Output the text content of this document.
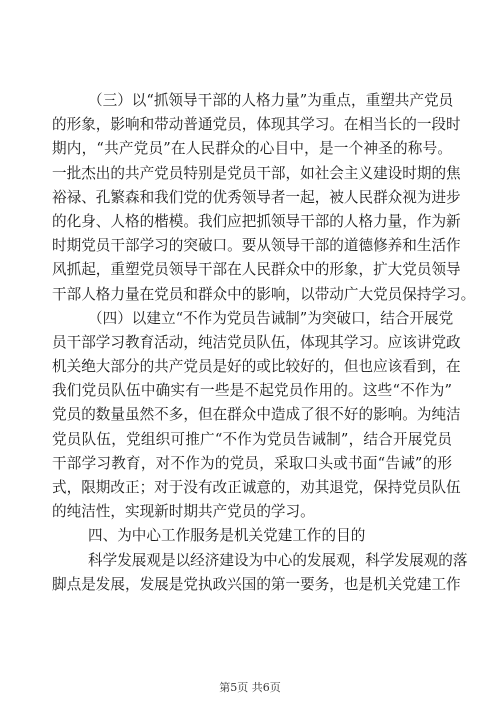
（三）以“抓领导干部的人格力量”为重点，重塑共产党员
的形象，影响和带动普通党员，体现其学习。在相当长的一段时
期内，“共产党员”在人民群众的心目中，是一个神圣的称号。
一批杰出的共产党员特别是党员干部，如社会主义建设时期的焦
裕禄、孔繁森和我们党的优秀领导者一起，被人民群众视为进步
的化身、人格的楷模。我们应把抓领导干部的人格力量，作为新
时期党员干部学习的突破口。要从领导干部的道德修养和生活作
风抓起，重塑党员领导干部在人民群众中的形象，扩大党员领导
干部人格力量在党员和群众中的影响，以带动广大党员保持学习。
（四）以建立“不作为党员告诫制”为突破口，结合开展党
员干部学习教育活动，纯洁党员队伍，体现其学习。应该讲党政
机关绝大部分的共产党员是好的或比较好的，但也应该看到，在
我们党员队伍中确实有一些是不起党员作用的。这些“不作为”
党员的数量虽然不多，但在群众中造成了很不好的影响。为纯洁
党员队伍，党组织可推广“不作为党员告诫制”，结合开展党员
干部学习教育，对不作为的党员，采取口头或书面“告诫”的形
式，限期改正；对于没有改正诚意的，劝其退党，保持党员队伍
的纯洁性，实现新时期共产党员的学习。
四、为中心工作服务是机关党建工作的目的
科学发展观是以经济建设为中心的发展观，科学发展观的落
脚点是发展，发展是党执政兴国的第一要务，也是机关党建工作
第5页 共6页
